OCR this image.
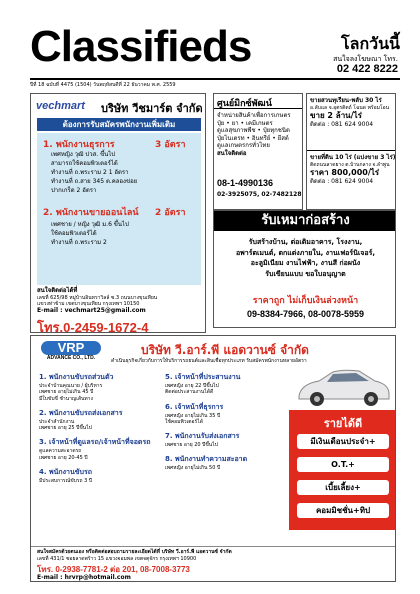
Classifieds	โลกวันนี้
สนใจลงโฆษณา โทร.
02 422 8222
ปีที่ 18 ฉบับที่ 4475 (1504) วันพฤหัสบดีที่ 22 ธันวาคม พ.ศ. 2559
vechmart บริษัท วีชมาร์ต จำกัด
ต้องการรับสมัครพนักงานเพิ่มเติม
1. พนักงานธุรการ	3 อัตรา
เพศหญิง วุฒิ ปวส. ขึ้นไป
สามารถใช้คอมพิวเตอร์ได้
ทำงานที่ ถ.พระราม 2 1 อัตรา
ทำงานที่ ถ.สาย 345 ต.คลองข่อย
ปากเกร็ด 2 อัตรา
2. พนักงานขายออนไลน์ 2 อัตรา
เพศชาย / หญิง วุฒิ ม.6 ขึ้นไป
ใช้คอมพิวเตอร์ได้
ทำงานที่ ถ.พระราม 2
สนใจติดต่อได้ที่
เลขที่ 625/98 หมู่บ้านอินทราวิลล์ ซ.3 ถนนบางขุนเทียน
แขวงท่าข้าม เขตบางขุนเทียน กรุงเทพฯ 10150
E-mail : vechmart25@gmail.com
โทร.0-2459-1672-4
ศูนย์มิกซ์พัฒน์
จำหน่ายสินค้าเพื่อการเกษตร
ปุ๋ย • ยา • เคมีเกษตร
ดูแลสุขภาพพืช • ปุ๋ยทุกชนิด
ปุ๋ยไนเตรท • อินทรีย์ • ยีสต์
ดูแลเกษตรกรทั่วไทย
สนใจติดต่อ
08-1-4990136
02-3925075, 02-7482128
ขายสวนทุเรียน-พลับ 30 ไร่
อ.ลับแล จ.อุตรดิตถ์ โฉนด พร้อมโอน
ขาย 2 ล้าน/ไร่
ติดต่อ : 081 624 9004
ขายที่ดิน 10 ไร่ (แบ่งขาย 3 ไร่)
ติดถนนลาดยาง ต.บ้านกลาง จ.ลำพูน
ราคา 800,000/ไร่
ติดต่อ : 081 624 9004
รับเหมาก่อสร้าง
รับสร้างบ้าน, ต่อเติมอาคาร, โรงงาน,
อพาร์ตเมนต์, ตกแต่งภายใน, งานเฟอร์นิเจอร์,
อะลูมิเนียม งานไฟฟ้า, งานสี ก่อผนัง
รับเขียนแบบ ขอใบอนุญาต
ราคาถูก ไม่เก็บเงินล่วงหน้า
09-8384-7966, 08-0078-5959
VRP
ADVANCE CO., LTD.
บริษัท วี.อาร์.พี แอดวานซ์ จำกัด
ดำเนินธุรกิจเกี่ยวกับการให้บริการรถยนต์และสินเชื่อทุกประเภท รับสมัครพนักงานหลายอัตรา
1. พนักงานขับรถส่วนตัว
ประจำบ้านคุณนาย / ผู้บริหาร
เพศชาย อายุไม่เกิน 45 ปี
มีใบขับขี่ ชำนาญเส้นทาง
2. พนักงานขับรถส่งเอกสาร
ประจำสำนักงาน
เพศชาย อายุ 25 ปีขึ้นไป
3. เจ้าหน้าที่ดูแลรถ/เจ้าหน้าที่จอดรถ
ดูแลความสะอาดรถ
เพศชาย อายุ 20-45 ปี
4. พนักงานขับรถ
มีประสบการณ์ขับรถ 3 ปี
5. เจ้าหน้าที่ประสานงาน
เพศหญิง อายุ 22 ปีขึ้นไป
ติดต่อประสานงานได้ดี
6. เจ้าหน้าที่ธุรการ
เพศหญิง อายุไม่เกิน 35 ปี
ใช้คอมพิวเตอร์ได้
7. พนักงานรับส่งเอกสาร
เพศชาย อายุ 20 ปีขึ้นไป
8. พนักงานทำความสะอาด
เพศหญิง อายุไม่เกิน 50 ปี
รายได้ดี
มีเงินเดือนประจำ+
O.T.+
เบี้ยเลี้ยง+
คอมมิชชั่น+ทิป
สนใจสมัครด้วยตนเอง หรือติดต่อสอบถามรายละเอียดได้ที่ บริษัท วี.อาร์.พี แอดวานซ์ จำกัด
เลขที่ 431/1 ซอยลาดพร้าว 15 แขวงจอมพล เขตจตุจักร กรุงเทพฯ 10900
โทร. 0-2938-7781-2 ต่อ 201, 08-7008-3773
E-mail : hrvrp@hotmail.com
